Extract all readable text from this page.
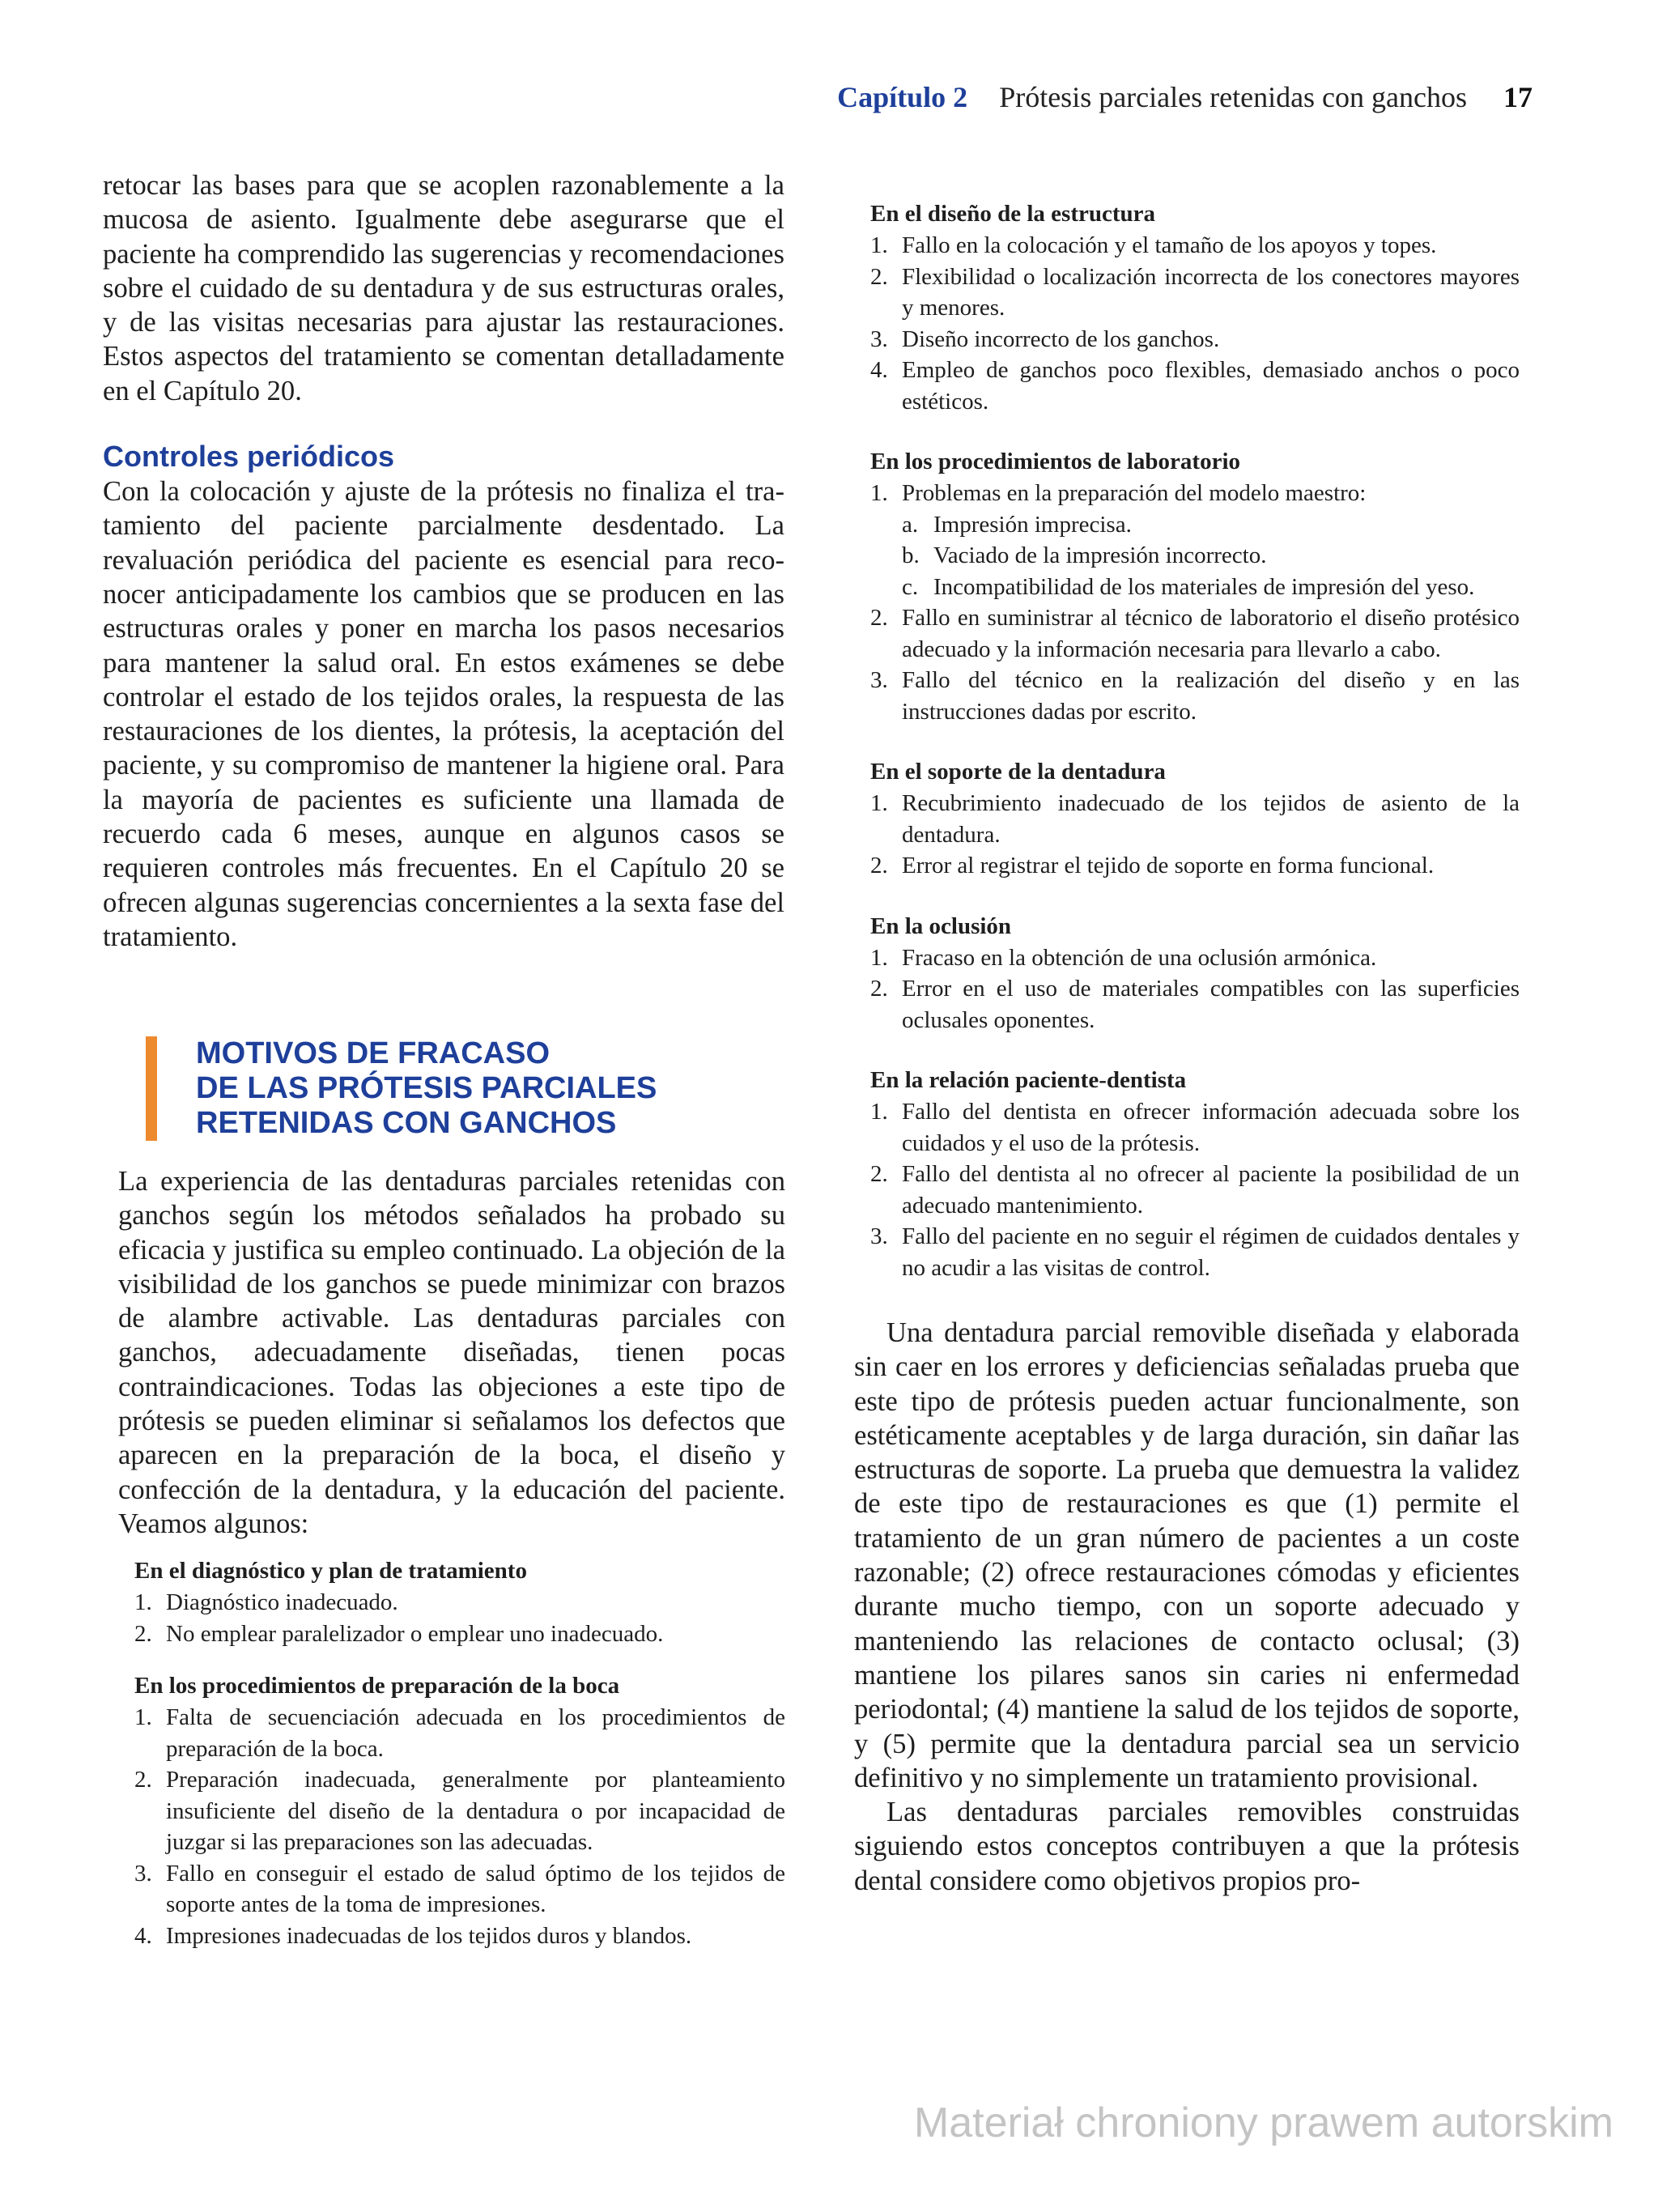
Capítulo 2 Prótesis parciales retenidas con ganchos 17

retocar las bases para que se acoplen razonablemente a la mucosa de asiento. Igualmente debe asegurarse que el paciente ha comprendido las sugerencias y recomendaciones sobre el cuidado de su dentadura y de sus estructuras orales, y de las visitas necesarias para ajustar las restauraciones. Estos aspectos del tratamiento se comentan detalladamente en el Capítulo 20.

Controles periódicos

Con la colocación y ajuste de la prótesis no finaliza el tratamiento del paciente parcialmente desdentado. La revaluación periódica del paciente es esencial para reconocer anticipadamente los cambios que se producen en las estructuras orales y poner en marcha los pasos necesarios para mantener la salud oral. En estos exámenes se debe controlar el estado de los tejidos orales, la respuesta de las restauraciones de los dientes, la prótesis, la aceptación del paciente, y su compromiso de mantener la higiene oral. Para la mayoría de pacientes es suficiente una llamada de recuerdo cada 6 meses, aunque en algunos casos se requieren controles más frecuentes. En el Capítulo 20 se ofrecen algunas sugerencias concernientes a la sexta fase del tratamiento.

MOTIVOS DE FRACASO
DE LAS PRÓTESIS PARCIALES
RETENIDAS CON GANCHOS

La experiencia de las dentaduras parciales retenidas con ganchos según los métodos señalados ha probado su eficacia y justifica su empleo continuado. La objeción de la visibilidad de los ganchos se puede minimizar con brazos de alambre activable. Las dentaduras parciales con ganchos, adecuadamente diseñadas, tienen pocas contraindicaciones. Todas las objeciones a este tipo de prótesis se pueden eliminar si señalamos los defectos que aparecen en la preparación de la boca, el diseño y confección de la dentadura, y la educación del paciente. Veamos algunos:

En el diagnóstico y plan de tratamiento

1. Diagnóstico inadecuado.
2. No emplear paralelizador o emplear uno inadecuado.

En los procedimientos de preparación de la boca

1. Falta de secuenciación adecuada en los procedimientos de preparación de la boca.
2. Preparación inadecuada, generalmente por planteamiento insuficiente del diseño de la dentadura o por incapacidad de juzgar si las preparaciones son las adecuadas.
3. Fallo en conseguir el estado de salud óptimo de los tejidos de soporte antes de la toma de impresiones.
4. Impresiones inadecuadas de los tejidos duros y blandos.

En el diseño de la estructura

1. Fallo en la colocación y el tamaño de los apoyos y topes.
2. Flexibilidad o localización incorrecta de los conectores mayores y menores.
3. Diseño incorrecto de los ganchos.
4. Empleo de ganchos poco flexibles, demasiado anchos o poco estéticos.

En los procedimientos de laboratorio

1. Problemas en la preparación del modelo maestro:
a. Impresión imprecisa.
b. Vaciado de la impresión incorrecto.
c. Incompatibilidad de los materiales de impresión del yeso.
2. Fallo en suministrar al técnico de laboratorio el diseño protésico adecuado y la información necesaria para llevarlo a cabo.
3. Fallo del técnico en la realización del diseño y en las instrucciones dadas por escrito.

En el soporte de la dentadura

1. Recubrimiento inadecuado de los tejidos de asiento de la dentadura.
2. Error al registrar el tejido de soporte en forma funcional.

En la oclusión

1. Fracaso en la obtención de una oclusión armónica.
2. Error en el uso de materiales compatibles con las superficies oclusales oponentes.

En la relación paciente-dentista

1. Fallo del dentista en ofrecer información adecuada sobre los cuidados y el uso de la prótesis.
2. Fallo del dentista al no ofrecer al paciente la posibilidad de un adecuado mantenimiento.
3. Fallo del paciente en no seguir el régimen de cuidados dentales y no acudir a las visitas de control.

Una dentadura parcial removible diseñada y elaborada sin caer en los errores y deficiencias señaladas prueba que este tipo de prótesis pueden actuar funcionalmente, son estéticamente aceptables y de larga duración, sin dañar las estructuras de soporte. La prueba que demuestra la validez de este tipo de restauraciones es que (1) permite el tratamiento de un gran número de pacientes a un coste razonable; (2) ofrece restauraciones cómodas y eficientes durante mucho tiempo, con un soporte adecuado y manteniendo las relaciones de contacto oclusal; (3) mantiene los pilares sanos sin caries ni enfermedad periodontal; (4) mantiene la salud de los tejidos de soporte, y (5) permite que la dentadura parcial sea un servicio definitivo y no simplemente un tratamiento provisional.

Las dentaduras parciales removibles construidas siguiendo estos conceptos contribuyen a que la prótesis dental considere como objetivos propios pro-

Materiał chroniony prawem autorskim
